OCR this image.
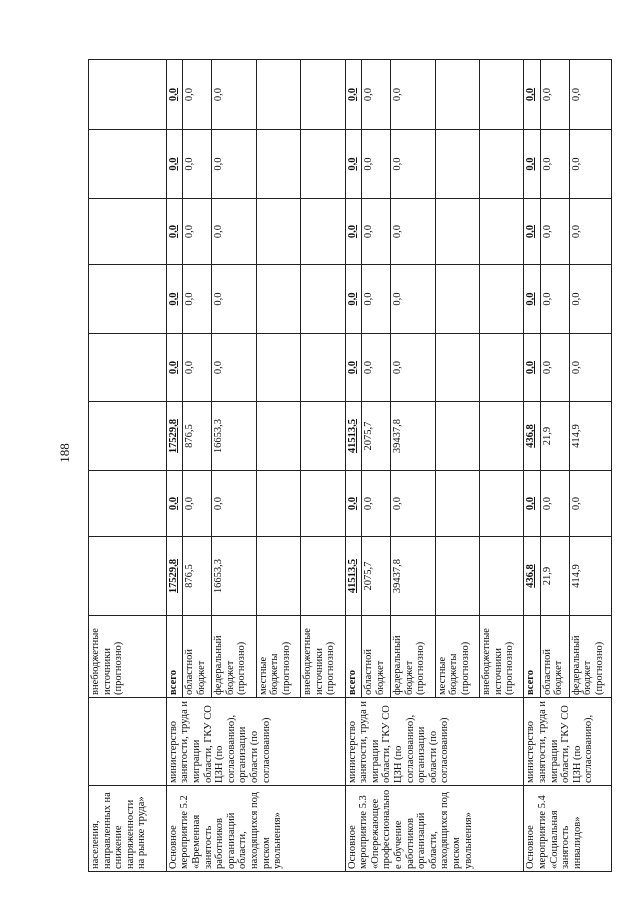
188
населения, направленных на снижение напряженности на рынке труда»		внебюджетные источники (прогнозно)								
Основное мероприятие 5.2 «Временная занятость работников организаций области, находящихся под риском увольнения»	министерство занятости, труда и миграции области, ГКУ СО ЦЗН (по согласованию), организации области (по согласованию)	всего	17529,8	0,0	17529,8	0,0	0,0	0,0	0,0	0,0
		областной бюджет	876,5	0,0	876,5	0,0	0,0	0,0	0,0	0,0
		федеральный бюджет (прогнозно)	16653,3	0,0	16653,3	0,0	0,0	0,0	0,0	0,0
		местные бюджеты (прогнозно)								
		внебюджетные источники (прогнозно)								
Основное мероприятие 5.3 «Опережающее профессиональное обучение работников организаций области, находящихся под риском увольнения»	министерство занятости, труда и миграции области, ГКУ СО ЦЗН (по согласованию), организации области (по согласованию)	всего	41513,5	0,0	41513,5	0,0	0,0	0,0	0,0	0,0
		областной бюджет	2075,7	0,0	2075,7	0,0	0,0	0,0	0,0	0,0
		федеральный бюджет (прогнозно)	39437,8	0,0	39437,8	0,0	0,0	0,0	0,0	0,0
		местные бюджеты (прогнозно)								
		внебюджетные источники (прогнозно)								
Основное мероприятие 5.4 «Социальная занятость инвалидов»	министерство занятости, труда и миграции области, ГКУ СО ЦЗН (по согласованию),	всего	436,8	0,0	436,8	0,0	0,0	0,0	0,0	0,0
		областной бюджет	21,9	0,0	21,9	0,0	0,0	0,0	0,0	0,0
		федеральный бюджет (прогнозно)	414,9	0,0	414,9	0,0	0,0	0,0	0,0	0,0
